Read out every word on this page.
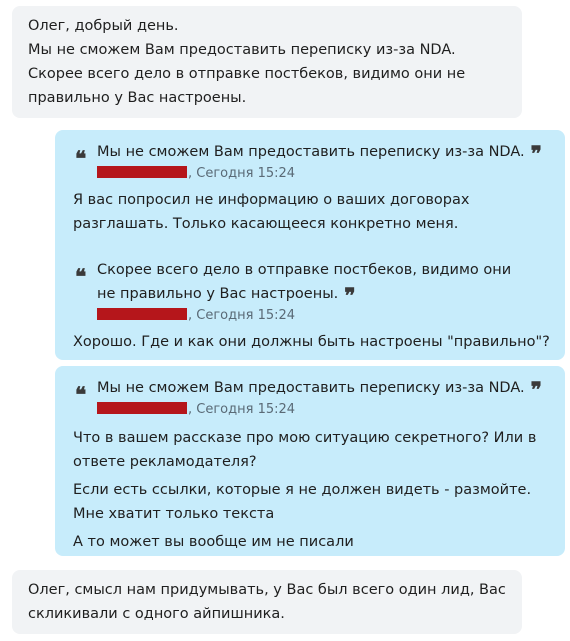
Олег, добрый день.
Мы не сможем Вам предоставить переписку из-за NDA.
Скорее всего дело в отправке постбеков, видимо они не
правильно у Вас настроены.
❝ Мы не сможем Вам предоставить переписку из-за NDA. ❞
, Сегодня 15:24
Я вас попросил не информацию о ваших договорах
разглашать. Только касающееся конкретно меня.
❝ Скорее всего дело в отправке постбеков, видимо они
не правильно у Вас настроены. ❞
, Сегодня 15:24
Хорошо. Где и как они должны быть настроены "правильно"?
❝ Мы не сможем Вам предоставить переписку из-за NDA. ❞
, Сегодня 15:24
Что в вашем рассказе про мою ситуацию секретного? Или в
ответе рекламодателя?
Если есть ссылки, которые я не должен видеть - размойте.
Мне хватит только текста
А то может вы вообще им не писали
Олег, смысл нам придумывать, у Вас был всего один лид, Вас
скликивали с одного айпишника.
